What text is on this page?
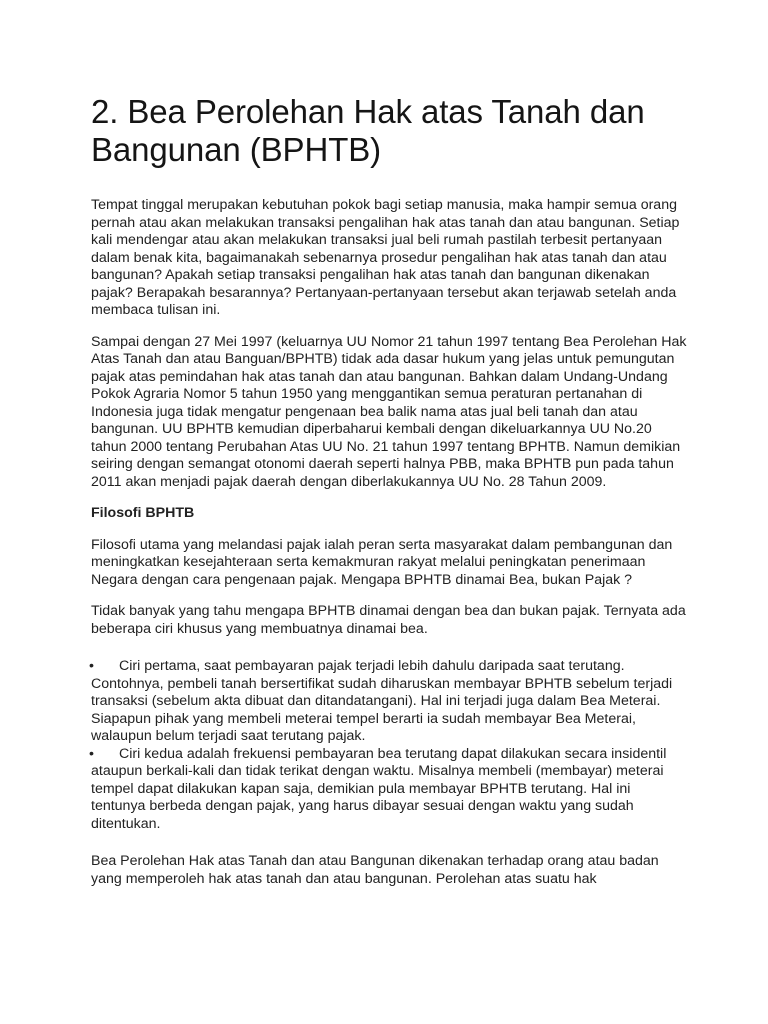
2. Bea Perolehan Hak atas Tanah dan Bangunan (BPHTB)

Tempat tinggal merupakan kebutuhan pokok bagi setiap manusia, maka hampir semua orang pernah atau akan melakukan transaksi pengalihan hak atas tanah dan atau bangunan. Setiap kali mendengar atau akan melakukan transaksi jual beli rumah pastilah terbesit pertanyaan dalam benak kita, bagaimanakah sebenarnya prosedur pengalihan hak atas tanah dan atau bangunan? Apakah setiap transaksi pengalihan hak atas tanah dan bangunan dikenakan pajak? Berapakah besarannya? Pertanyaan-pertanyaan tersebut akan terjawab setelah anda membaca tulisan ini.

Sampai dengan 27 Mei 1997 (keluarnya UU Nomor 21 tahun 1997 tentang Bea Perolehan Hak Atas Tanah dan atau Banguan/BPHTB) tidak ada dasar hukum yang jelas untuk pemungutan pajak atas pemindahan hak atas tanah dan atau bangunan. Bahkan dalam Undang-Undang Pokok Agraria Nomor 5 tahun 1950 yang menggantikan semua peraturan pertanahan di Indonesia juga tidak mengatur pengenaan bea balik nama atas jual beli tanah dan atau bangunan. UU BPHTB kemudian diperbaharui kembali dengan dikeluarkannya UU No.20 tahun 2000 tentang Perubahan Atas UU No. 21 tahun 1997 tentang BPHTB. Namun demikian seiring dengan semangat otonomi daerah seperti halnya PBB, maka BPHTB pun pada tahun 2011 akan menjadi pajak daerah dengan diberlakukannya UU No. 28 Tahun 2009.

Filosofi BPHTB

Filosofi utama yang melandasi pajak ialah peran serta masyarakat dalam pembangunan dan meningkatkan kesejahteraan serta kemakmuran rakyat melalui peningkatan penerimaan Negara dengan cara pengenaan pajak. Mengapa BPHTB dinamai Bea, bukan Pajak ?

Tidak banyak yang tahu mengapa BPHTB dinamai dengan bea dan bukan pajak. Ternyata ada beberapa ciri khusus yang membuatnya dinamai bea.

•	Ciri pertama, saat pembayaran pajak terjadi lebih dahulu daripada saat terutang. Contohnya, pembeli tanah bersertifikat sudah diharuskan membayar BPHTB sebelum terjadi transaksi (sebelum akta dibuat dan ditandatangani). Hal ini terjadi juga dalam Bea Meterai. Siapapun pihak yang membeli meterai tempel berarti ia sudah membayar Bea Meterai, walaupun belum terjadi saat terutang pajak.
•	Ciri kedua adalah frekuensi pembayaran bea terutang dapat dilakukan secara insidentil ataupun berkali-kali dan tidak terikat dengan waktu. Misalnya membeli (membayar) meterai tempel dapat dilakukan kapan saja, demikian pula membayar BPHTB terutang. Hal ini tentunya berbeda dengan pajak, yang harus dibayar sesuai dengan waktu yang sudah ditentukan.

Bea Perolehan Hak atas Tanah dan atau Bangunan dikenakan terhadap orang atau badan yang memperoleh hak atas tanah dan atau bangunan. Perolehan atas suatu hak
